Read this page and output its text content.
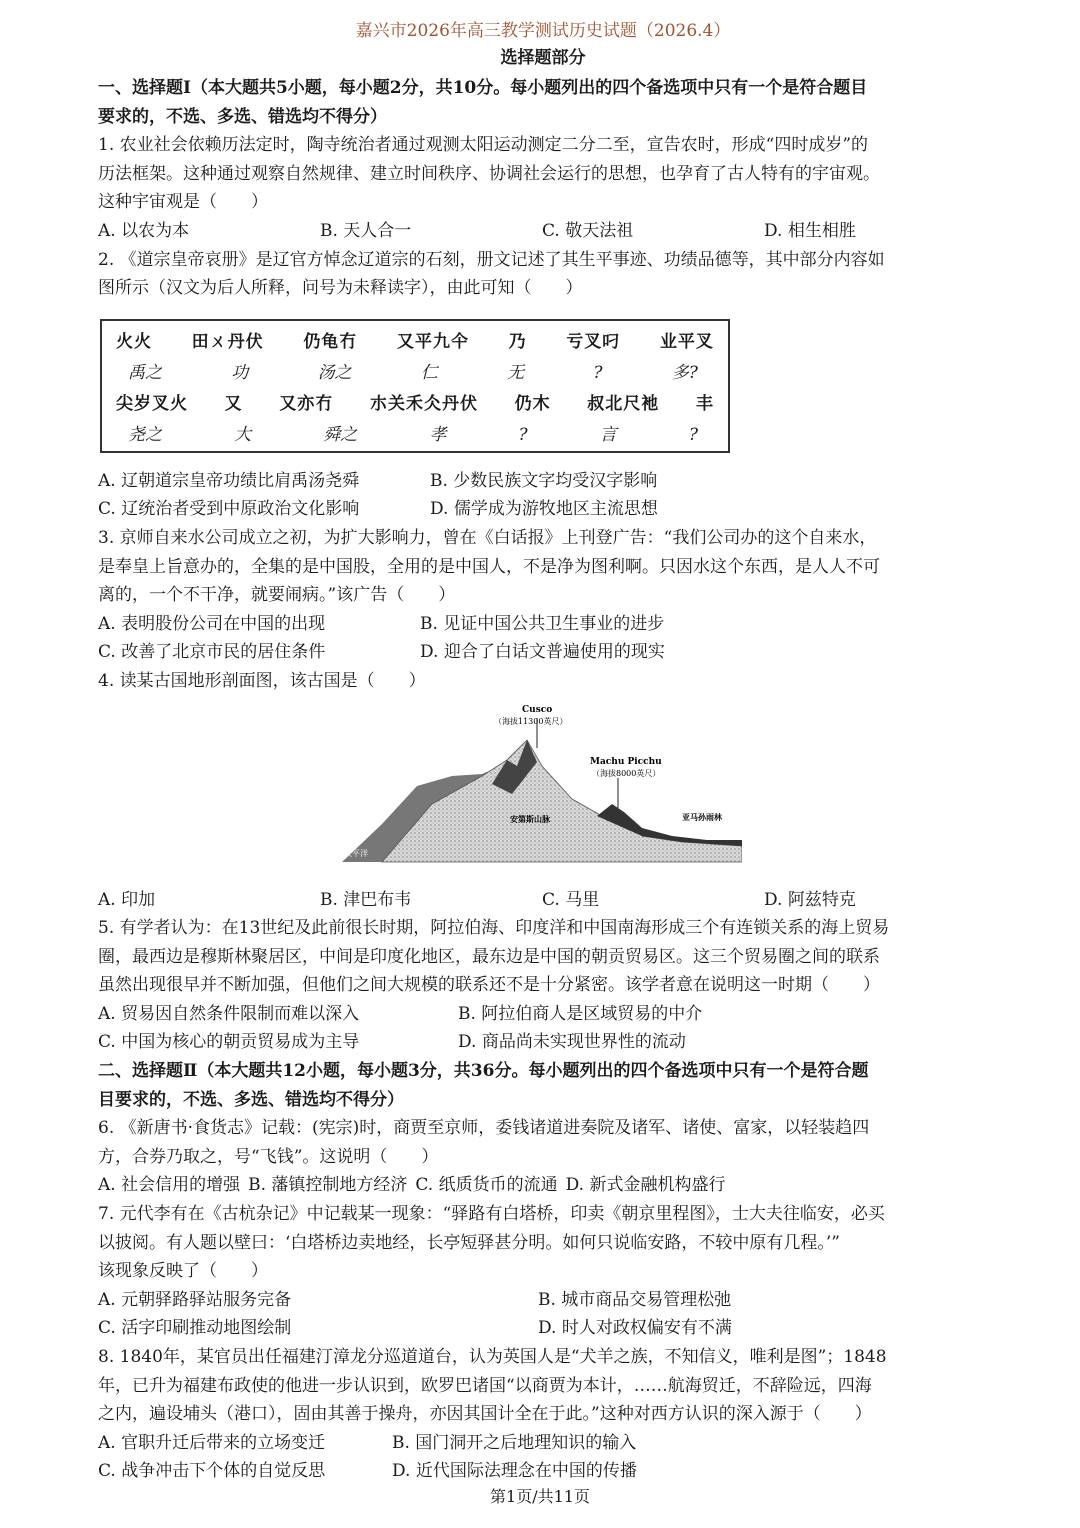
嘉兴市2026年高三教学测试历史试题（2026.4）
选择题部分
一、选择题Ⅰ（本大题共5小题，每小题2分，共10分。每小题列出的四个备选项中只有一个是符合题目
要求的，不选、多选、错选均不得分）
1. 农业社会依赖历法定时，陶寺统治者通过观测太阳运动测定二分二至，宣告农时，形成“四时成岁”的
历法框架。这种通过观察自然规律、建立时间秩序、协调社会运行的思想，也孕育了古人特有的宇宙观。
这种宇宙观是（　　）
A. 以农为本	B. 天人合一	C. 敬天法祖	D. 相生相胜
2. 《道宗皇帝哀册》是辽官方悼念辽道宗的石刻，册文记述了其生平事迹、功绩品德等，其中部分内容如
图所示（汉文为后人所释，问号为未释读字），由此可知（　　）
火火 田ㄨ丹伏 仍龟冇 又平九仐 乃 亏叉叼 业平叉
禹之	功	汤之	仁	无	?	多?
尖岁叉火 又 又亦冇 朩关禾仌丹伏 仍木 叔北尺衪 丰
尧之	大	舜之	孝	?	言	?
A. 辽朝道宗皇帝功绩比肩禹汤尧舜	B. 少数民族文字均受汉字影响
C. 辽统治者受到中原政治文化影响	D. 儒学成为游牧地区主流思想
3. 京师自来水公司成立之初，为扩大影响力，曾在《白话报》上刊登广告：“我们公司办的这个自来水，
是奉皇上旨意办的，全集的是中国股，全用的是中国人，不是净为图利啊。只因水这个东西，是人人不可
离的，一个不干净，就要闹病。”该广告（　　）
A. 表明股份公司在中国的出现	B. 见证中国公共卫生事业的进步
C. 改善了北京市民的居住条件	D. 迎合了白话文普遍使用的现实
4. 读某古国地形剖面图，该古国是（　　）
Cusco
（海拔11300英尺）
Machu Picchu
（海拔8000英尺）
安第斯山脉	亚马孙雨林
太平洋
A. 印加	B. 津巴布韦	C. 马里	D. 阿兹特克
5. 有学者认为：在13世纪及此前很长时期，阿拉伯海、印度洋和中国南海形成三个有连锁关系的海上贸易
圈，最西边是穆斯林聚居区，中间是印度化地区，最东边是中国的朝贡贸易区。这三个贸易圈之间的联系
虽然出现很早并不断加强，但他们之间大规模的联系还不是十分紧密。该学者意在说明这一时期（　　）
A. 贸易因自然条件限制而难以深入	B. 阿拉伯商人是区域贸易的中介
C. 中国为核心的朝贡贸易成为主导	D. 商品尚未实现世界性的流动
二、选择题Ⅱ（本大题共12小题，每小题3分，共36分。每小题列出的四个备选项中只有一个是符合题
目要求的，不选、多选、错选均不得分）
6. 《新唐书·食货志》记载：(宪宗)时，商贾至京师，委钱诸道进奏院及诸军、诸使、富家，以轻装趋四
方，合券乃取之，号“飞钱”。这说明（　　）
A. 社会信用的增强 B. 藩镇控制地方经济 C. 纸质货币的流通 D. 新式金融机构盛行
7. 元代李有在《古杭杂记》中记载某一现象：“驿路有白塔桥，印卖《朝京里程图》，士大夫往临安，必买
以披阅。有人题以壁曰：‘白塔桥边卖地经，长亭短驿甚分明。如何只说临安路，不较中原有几程。’”
该现象反映了（　　）
A. 元朝驿路驿站服务完备	B. 城市商品交易管理松弛
C. 活字印刷推动地图绘制	D. 时人对政权偏安有不满
8. 1840年，某官员出任福建汀漳龙分巡道道台，认为英国人是“犬羊之族，不知信义，唯利是图”；1848
年，已升为福建布政使的他进一步认识到，欧罗巴诸国“以商贾为本计，……航海贸迁，不辞险远，四海
之内，遍设埔头（港口），固由其善于操舟，亦因其国计全在于此。”这种对西方认识的深入源于（　　）
A. 官职升迁后带来的立场变迁	B. 国门洞开之后地理知识的输入
C. 战争冲击下个体的自觉反思	D. 近代国际法理念在中国的传播
第1页/共11页
